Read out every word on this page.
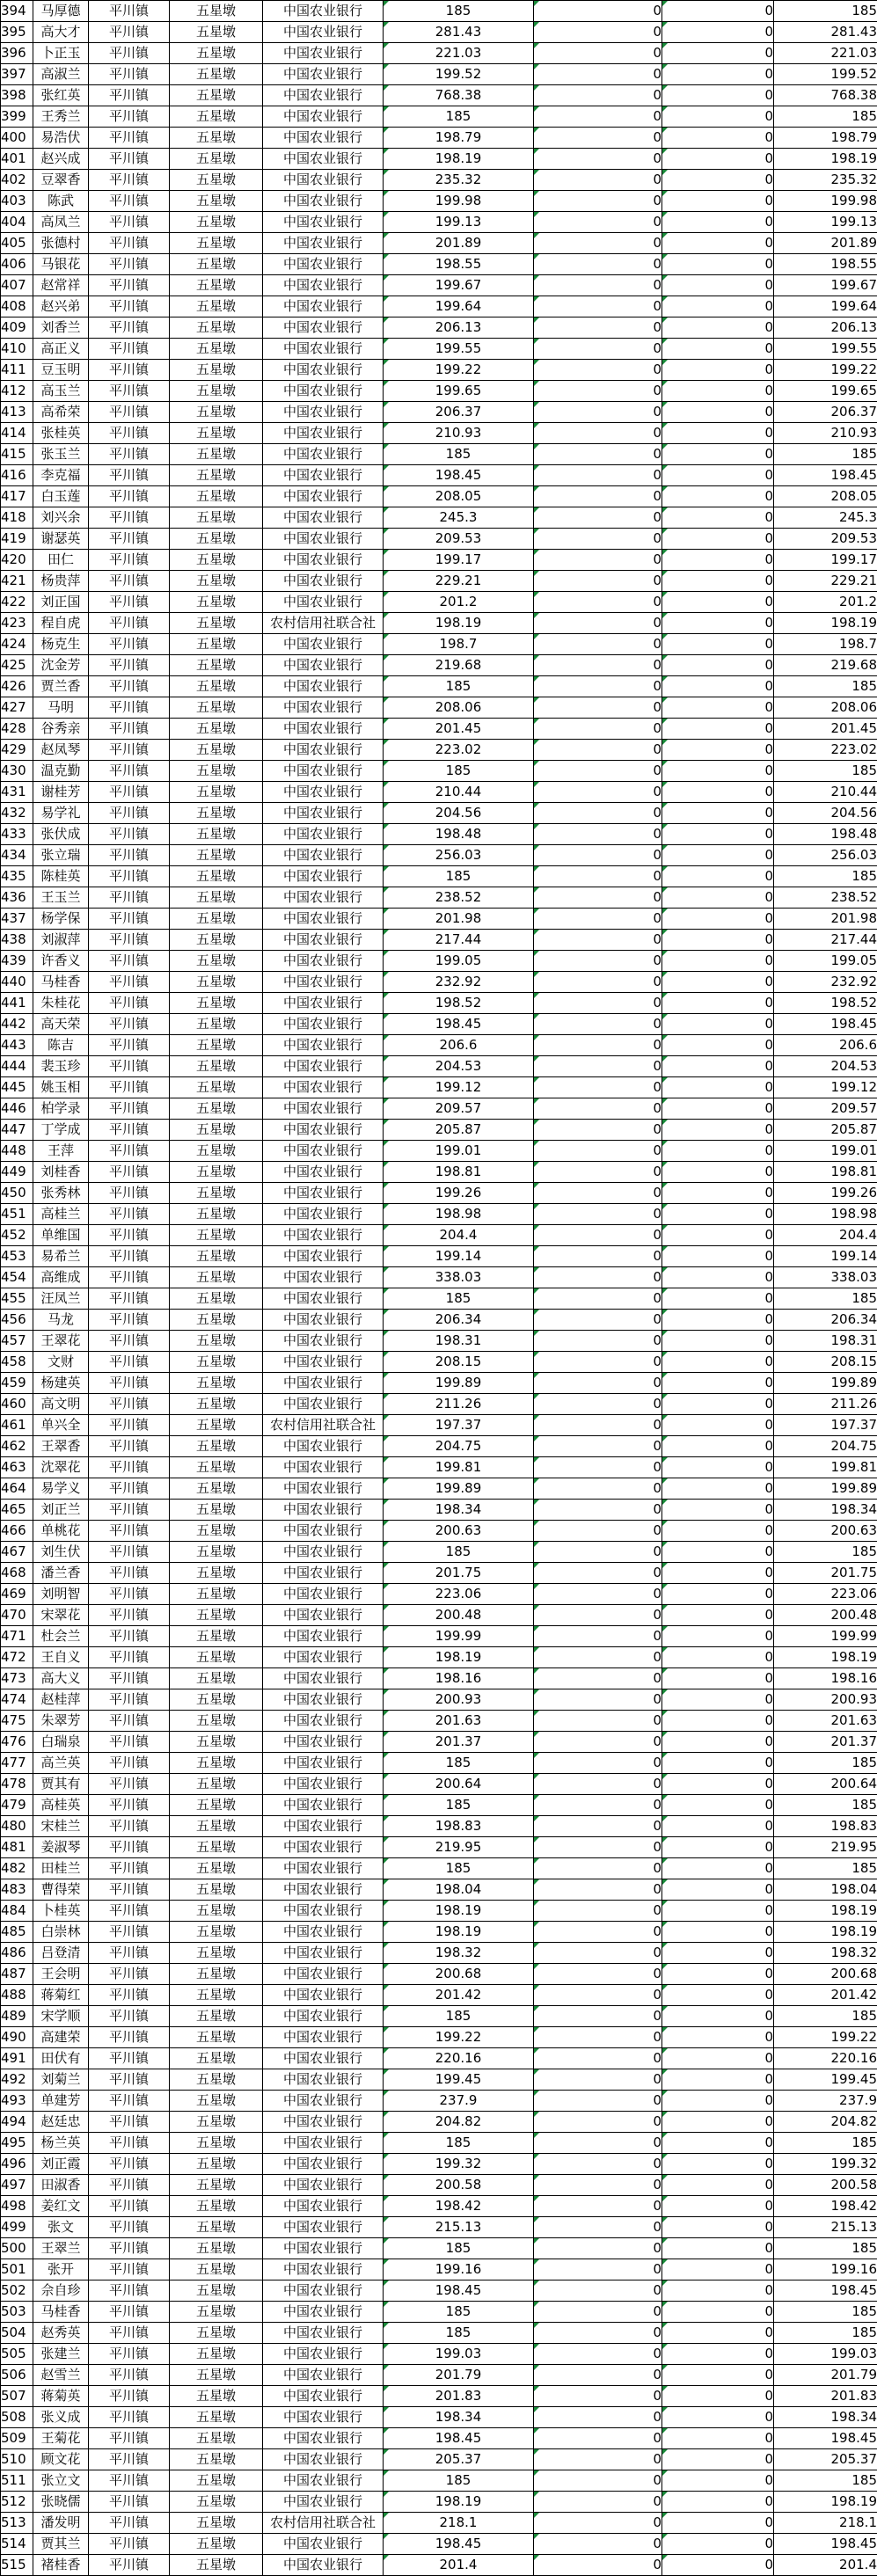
394	马厚德	平川镇	五星墩	中国农业银行	185	0	0	185
395	高大才	平川镇	五星墩	中国农业银行	281.43	0	0	281.43
396	卜正玉	平川镇	五星墩	中国农业银行	221.03	0	0	221.03
397	高淑兰	平川镇	五星墩	中国农业银行	199.52	0	0	199.52
398	张红英	平川镇	五星墩	中国农业银行	768.38	0	0	768.38
399	王秀兰	平川镇	五星墩	中国农业银行	185	0	0	185
400	易浩伏	平川镇	五星墩	中国农业银行	198.79	0	0	198.79
401	赵兴成	平川镇	五星墩	中国农业银行	198.19	0	0	198.19
402	豆翠香	平川镇	五星墩	中国农业银行	235.32	0	0	235.32
403	陈武	平川镇	五星墩	中国农业银行	199.98	0	0	199.98
404	高凤兰	平川镇	五星墩	中国农业银行	199.13	0	0	199.13
405	张德村	平川镇	五星墩	中国农业银行	201.89	0	0	201.89
406	马银花	平川镇	五星墩	中国农业银行	198.55	0	0	198.55
407	赵常祥	平川镇	五星墩	中国农业银行	199.67	0	0	199.67
408	赵兴弟	平川镇	五星墩	中国农业银行	199.64	0	0	199.64
409	刘香兰	平川镇	五星墩	中国农业银行	206.13	0	0	206.13
410	高正义	平川镇	五星墩	中国农业银行	199.55	0	0	199.55
411	豆玉明	平川镇	五星墩	中国农业银行	199.22	0	0	199.22
412	高玉兰	平川镇	五星墩	中国农业银行	199.65	0	0	199.65
413	高希荣	平川镇	五星墩	中国农业银行	206.37	0	0	206.37
414	张桂英	平川镇	五星墩	中国农业银行	210.93	0	0	210.93
415	张玉兰	平川镇	五星墩	中国农业银行	185	0	0	185
416	李克福	平川镇	五星墩	中国农业银行	198.45	0	0	198.45
417	白玉莲	平川镇	五星墩	中国农业银行	208.05	0	0	208.05
418	刘兴余	平川镇	五星墩	中国农业银行	245.3	0	0	245.3
419	谢瑟英	平川镇	五星墩	中国农业银行	209.53	0	0	209.53
420	田仁	平川镇	五星墩	中国农业银行	199.17	0	0	199.17
421	杨贵萍	平川镇	五星墩	中国农业银行	229.21	0	0	229.21
422	刘正国	平川镇	五星墩	中国农业银行	201.2	0	0	201.2
423	程自虎	平川镇	五星墩	农村信用社联合社	198.19	0	0	198.19
424	杨克生	平川镇	五星墩	中国农业银行	198.7	0	0	198.7
425	沈金芳	平川镇	五星墩	中国农业银行	219.68	0	0	219.68
426	贾兰香	平川镇	五星墩	中国农业银行	185	0	0	185
427	马明	平川镇	五星墩	中国农业银行	208.06	0	0	208.06
428	谷秀亲	平川镇	五星墩	中国农业银行	201.45	0	0	201.45
429	赵凤琴	平川镇	五星墩	中国农业银行	223.02	0	0	223.02
430	温克勤	平川镇	五星墩	中国农业银行	185	0	0	185
431	谢桂芳	平川镇	五星墩	中国农业银行	210.44	0	0	210.44
432	易学礼	平川镇	五星墩	中国农业银行	204.56	0	0	204.56
433	张伏成	平川镇	五星墩	中国农业银行	198.48	0	0	198.48
434	张立瑞	平川镇	五星墩	中国农业银行	256.03	0	0	256.03
435	陈桂英	平川镇	五星墩	中国农业银行	185	0	0	185
436	王玉兰	平川镇	五星墩	中国农业银行	238.52	0	0	238.52
437	杨学保	平川镇	五星墩	中国农业银行	201.98	0	0	201.98
438	刘淑萍	平川镇	五星墩	中国农业银行	217.44	0	0	217.44
439	许香义	平川镇	五星墩	中国农业银行	199.05	0	0	199.05
440	马桂香	平川镇	五星墩	中国农业银行	232.92	0	0	232.92
441	朱桂花	平川镇	五星墩	中国农业银行	198.52	0	0	198.52
442	高天荣	平川镇	五星墩	中国农业银行	198.45	0	0	198.45
443	陈吉	平川镇	五星墩	中国农业银行	206.6	0	0	206.6
444	裴玉珍	平川镇	五星墩	中国农业银行	204.53	0	0	204.53
445	姚玉相	平川镇	五星墩	中国农业银行	199.12	0	0	199.12
446	柏学录	平川镇	五星墩	中国农业银行	209.57	0	0	209.57
447	丁学成	平川镇	五星墩	中国农业银行	205.87	0	0	205.87
448	王萍	平川镇	五星墩	中国农业银行	199.01	0	0	199.01
449	刘桂香	平川镇	五星墩	中国农业银行	198.81	0	0	198.81
450	张秀林	平川镇	五星墩	中国农业银行	199.26	0	0	199.26
451	高桂兰	平川镇	五星墩	中国农业银行	198.98	0	0	198.98
452	单维国	平川镇	五星墩	中国农业银行	204.4	0	0	204.4
453	易希兰	平川镇	五星墩	中国农业银行	199.14	0	0	199.14
454	高维成	平川镇	五星墩	中国农业银行	338.03	0	0	338.03
455	汪凤兰	平川镇	五星墩	中国农业银行	185	0	0	185
456	马龙	平川镇	五星墩	中国农业银行	206.34	0	0	206.34
457	王翠花	平川镇	五星墩	中国农业银行	198.31	0	0	198.31
458	文财	平川镇	五星墩	中国农业银行	208.15	0	0	208.15
459	杨建英	平川镇	五星墩	中国农业银行	199.89	0	0	199.89
460	高文明	平川镇	五星墩	中国农业银行	211.26	0	0	211.26
461	单兴全	平川镇	五星墩	农村信用社联合社	197.37	0	0	197.37
462	王翠香	平川镇	五星墩	中国农业银行	204.75	0	0	204.75
463	沈翠花	平川镇	五星墩	中国农业银行	199.81	0	0	199.81
464	易学义	平川镇	五星墩	中国农业银行	199.89	0	0	199.89
465	刘正兰	平川镇	五星墩	中国农业银行	198.34	0	0	198.34
466	单桃花	平川镇	五星墩	中国农业银行	200.63	0	0	200.63
467	刘生伏	平川镇	五星墩	中国农业银行	185	0	0	185
468	潘兰香	平川镇	五星墩	中国农业银行	201.75	0	0	201.75
469	刘明智	平川镇	五星墩	中国农业银行	223.06	0	0	223.06
470	宋翠花	平川镇	五星墩	中国农业银行	200.48	0	0	200.48
471	杜会兰	平川镇	五星墩	中国农业银行	199.99	0	0	199.99
472	王自义	平川镇	五星墩	中国农业银行	198.19	0	0	198.19
473	高大义	平川镇	五星墩	中国农业银行	198.16	0	0	198.16
474	赵桂萍	平川镇	五星墩	中国农业银行	200.93	0	0	200.93
475	朱翠芳	平川镇	五星墩	中国农业银行	201.63	0	0	201.63
476	白瑞泉	平川镇	五星墩	中国农业银行	201.37	0	0	201.37
477	高兰英	平川镇	五星墩	中国农业银行	185	0	0	185
478	贾其有	平川镇	五星墩	中国农业银行	200.64	0	0	200.64
479	高桂英	平川镇	五星墩	中国农业银行	185	0	0	185
480	宋桂兰	平川镇	五星墩	中国农业银行	198.83	0	0	198.83
481	姜淑琴	平川镇	五星墩	中国农业银行	219.95	0	0	219.95
482	田桂兰	平川镇	五星墩	中国农业银行	185	0	0	185
483	曹得荣	平川镇	五星墩	中国农业银行	198.04	0	0	198.04
484	卜桂英	平川镇	五星墩	中国农业银行	198.19	0	0	198.19
485	白崇林	平川镇	五星墩	中国农业银行	198.19	0	0	198.19
486	吕登清	平川镇	五星墩	中国农业银行	198.32	0	0	198.32
487	王会明	平川镇	五星墩	中国农业银行	200.68	0	0	200.68
488	蒋菊红	平川镇	五星墩	中国农业银行	201.42	0	0	201.42
489	宋学顺	平川镇	五星墩	中国农业银行	185	0	0	185
490	高建荣	平川镇	五星墩	中国农业银行	199.22	0	0	199.22
491	田伏有	平川镇	五星墩	中国农业银行	220.16	0	0	220.16
492	刘菊兰	平川镇	五星墩	中国农业银行	199.45	0	0	199.45
493	单建芳	平川镇	五星墩	中国农业银行	237.9	0	0	237.9
494	赵廷忠	平川镇	五星墩	中国农业银行	204.82	0	0	204.82
495	杨兰英	平川镇	五星墩	中国农业银行	185	0	0	185
496	刘正霞	平川镇	五星墩	中国农业银行	199.32	0	0	199.32
497	田淑香	平川镇	五星墩	中国农业银行	200.58	0	0	200.58
498	姜红文	平川镇	五星墩	中国农业银行	198.42	0	0	198.42
499	张文	平川镇	五星墩	中国农业银行	215.13	0	0	215.13
500	王翠兰	平川镇	五星墩	中国农业银行	185	0	0	185
501	张开	平川镇	五星墩	中国农业银行	199.16	0	0	199.16
502	佘自珍	平川镇	五星墩	中国农业银行	198.45	0	0	198.45
503	马桂香	平川镇	五星墩	中国农业银行	185	0	0	185
504	赵秀英	平川镇	五星墩	中国农业银行	185	0	0	185
505	张建兰	平川镇	五星墩	中国农业银行	199.03	0	0	199.03
506	赵雪兰	平川镇	五星墩	中国农业银行	201.79	0	0	201.79
507	蒋菊英	平川镇	五星墩	中国农业银行	201.83	0	0	201.83
508	张义成	平川镇	五星墩	中国农业银行	198.34	0	0	198.34
509	王菊花	平川镇	五星墩	中国农业银行	198.45	0	0	198.45
510	顾文花	平川镇	五星墩	中国农业银行	205.37	0	0	205.37
511	张立文	平川镇	五星墩	中国农业银行	185	0	0	185
512	张晓儒	平川镇	五星墩	中国农业银行	198.19	0	0	198.19
513	潘发明	平川镇	五星墩	农村信用社联合社	218.1	0	0	218.1
514	贾其兰	平川镇	五星墩	中国农业银行	198.45	0	0	198.45
515	褚桂香	平川镇	五星墩	中国农业银行	201.4	0	0	201.4
